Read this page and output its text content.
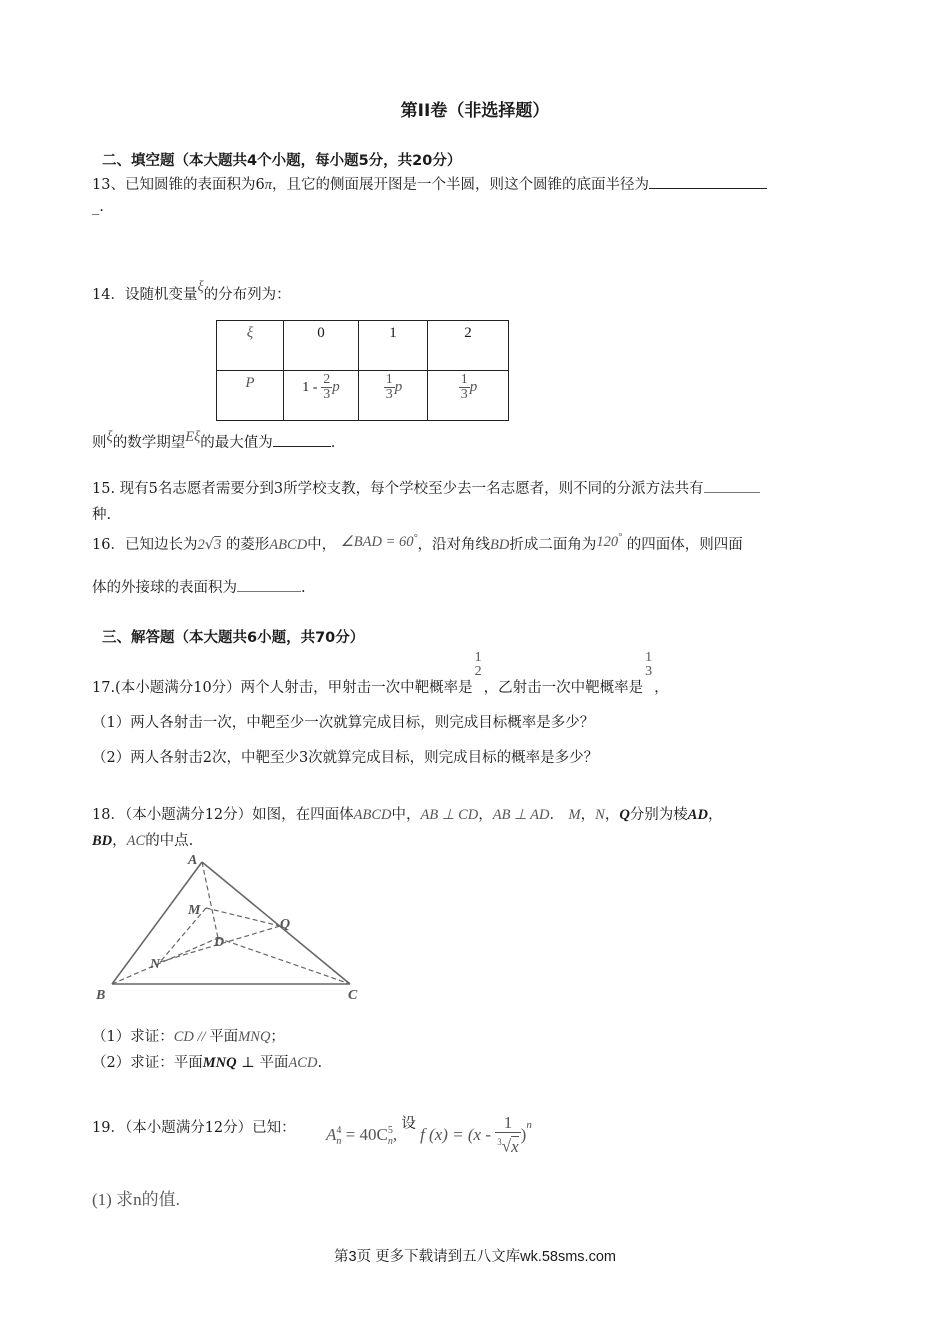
第II卷（非选择题）
二、填空题（本大题共4个小题，每小题5分，共20分）
13、已知圆锥的表面积为6π，且它的侧面展开图是一个半圆，则这个圆锥的底面半径为
_.
14．设随机变量ξ的分布列为：
ξ	0	1	2
P	$1 - \frac{2}{3}$ p	$\frac{1}{3}$ p	$\frac{1}{3}$ p
则ξ的数学期望Eξ的最大值为	.
15. 现有5名志愿者需要分到3所学校支教，每个学校至少去一名志愿者，则不同的分派方法共有
种.
16．已知边长为2√3 的菱形ABCD中， ∠BAD = 60°，沿对角线BD折成二面角为120° 的四面体，则四面
体的外接球的表面积为	.
三、解答题（本大题共6小题，共70分）
17.(本小题满分10分）两个人射击，甲射击一次中靶概率是
1
2
，乙射击一次中靶概率是
1
3
，
（1）两人各射击一次，中靶至少一次就算完成目标，则完成目标概率是多少？
（2）两人各射击2次，中靶至少3次就算完成目标，则完成目标的概率是多少？
18．（本小题满分12分）如图，在四面体ABCD中，AB ⊥ CD，AB ⊥ AD． M，N，Q分别为棱AD，
BD，AC的中点.
A
B	C
D
M
N
Q
（1）求证：CD // 平面MNQ；
（2）求证：平面MNQ ⊥ 平面ACD.
19．（本小题满分12分）已知： A 4
n = 40C 5
n , 设 f $(x) = (x - \frac{1}{^3√x} )n$
(1) 求n的值.
第3页 更多下载请到五八文库wk.58sms.com
